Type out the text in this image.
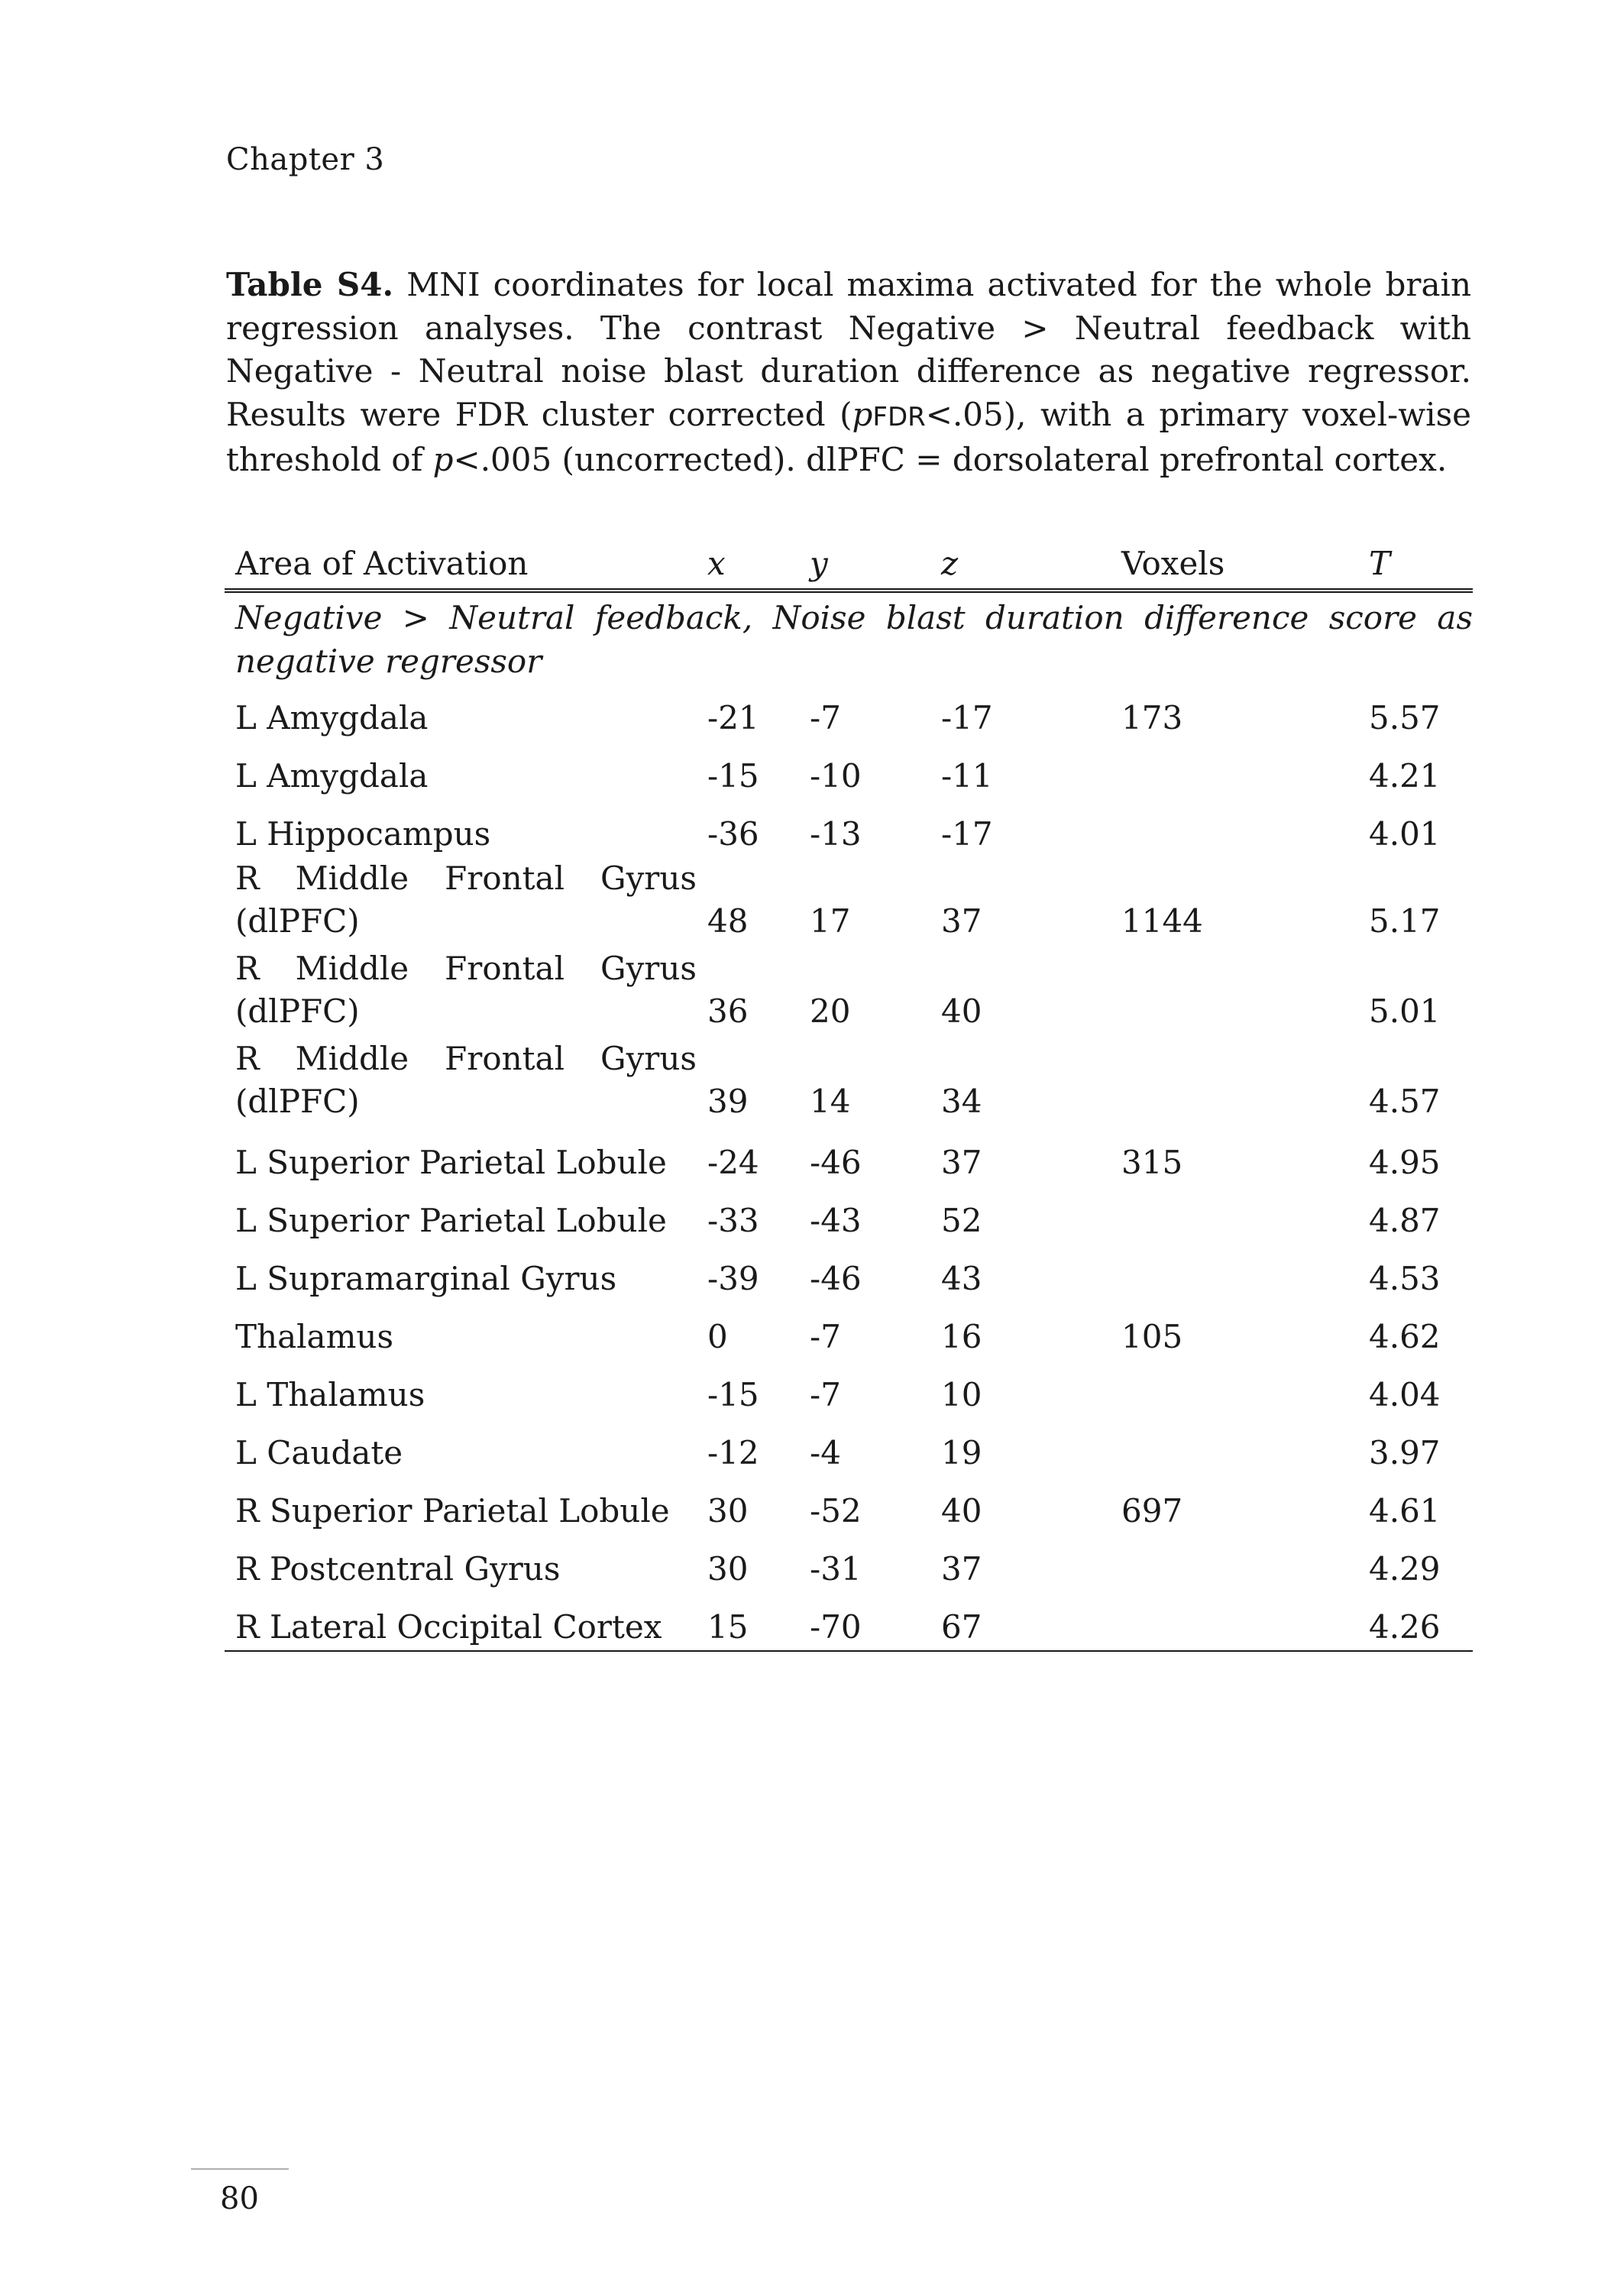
Chapter 3
Table S4. MNI coordinates for local maxima activated for the whole brain regression analyses. The contrast Negative > Neutral feedback with Negative - Neutral noise blast duration difference as negative regressor. Results were FDR cluster corrected (pFDR<.05), with a primary voxel-wise threshold of p<.005 (uncorrected). dlPFC = dorsolateral prefrontal cortex.
Area of Activation	x	y	z	Voxels	T
Negative > Neutral feedback, Noise blast duration difference score as negative regressor					
L Amygdala	-21	-7	-17	173	5.57
L Amygdala	-15	-10	-11		4.21
L Hippocampus	-36	-13	-17		4.01

R Middle Frontal Gyrus
(dlPFC)	48	17	37	1144	5.17

R Middle Frontal Gyrus
(dlPFC)	36	20	40		5.01

R Middle Frontal Gyrus
(dlPFC)	39	14	34		4.57
L Superior Parietal Lobule	-24	-46	37	315	4.95
L Superior Parietal Lobule	-33	-43	52		4.87
L Supramarginal Gyrus	-39	-46	43		4.53
Thalamus	0	-7	16	105	4.62
L Thalamus	-15	-7	10		4.04
L Caudate	-12	-4	19		3.97
R Superior Parietal Lobule	30	-52	40	697	4.61
R Postcentral Gyrus	30	-31	37		4.29
R Lateral Occipital Cortex	15	-70	67		4.26
80
